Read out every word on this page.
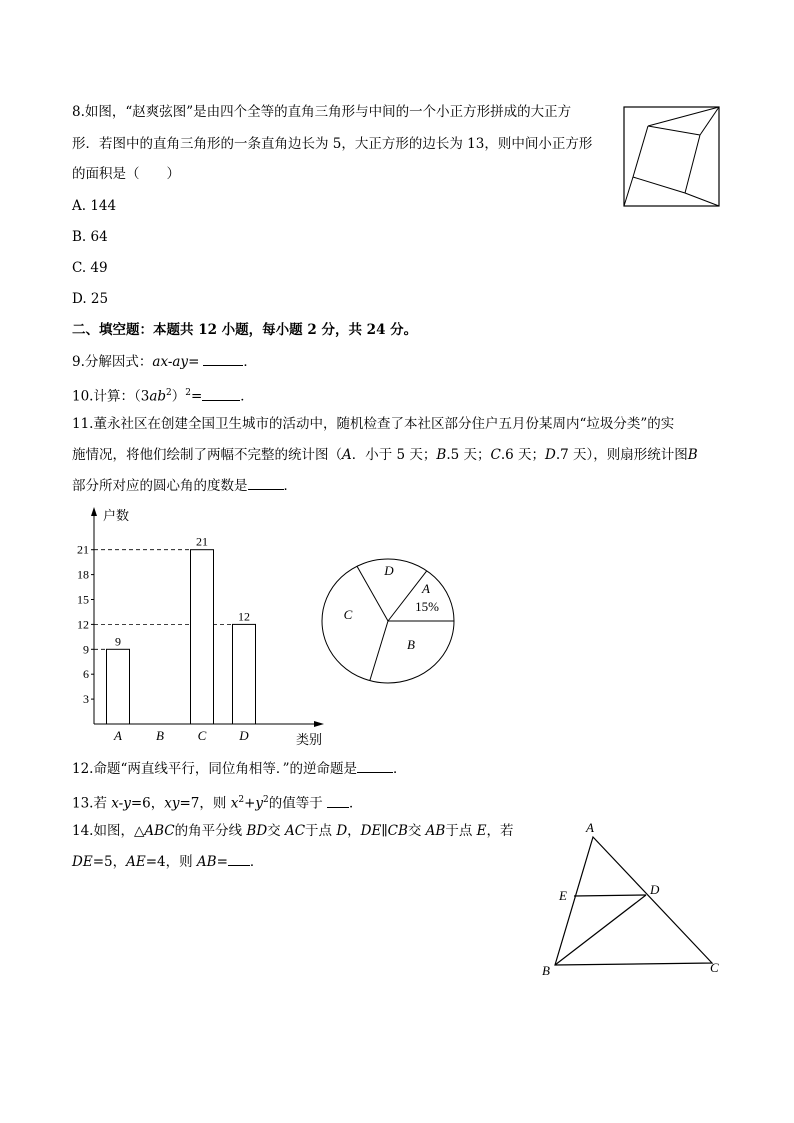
8.如图，“赵爽弦图”是由四个全等的直角三角形与中间的一个小正方形拼成的大正方
形．若图中的直角三角形的一条直角边长为 5，大正方形的边长为 13，则中间小正方形
的面积是（　　）
A. 144
B. 64
C. 49
D. 25
二、填空题：本题共 12 小题，每小题 2 分，共 24 分。
9.分解因式：ax-ay=	．
10.计算：$(3ab^2)^2=$	．
11.董永社区在创建全国卫生城市的活动中，随机检查了本社区部分住户五月份某周内“垃圾分类”的实
施情况，将他们绘制了两幅不完整的统计图（A．小于 5 天；B.5 天；C.6 天；D.7 天），则扇形统计图B
部分所对应的圆心角的度数是	．
户数
类别
3
6
9
12
15
18
21
9
A	B
21
C
12
D
A
15%
B
C
D
12.命题“两直线平行，同位角相等．”的逆命题是	．
13.若 x-y=6，xy=7，则 $x^2+y^2$的值等于 ．
14.如图，△ABC的角平分线 BD交 AC于点 D，DE∥CB交 AB于点 E，若
DE=5，AE=4，则 AB= ．
A
E	D
B	C
